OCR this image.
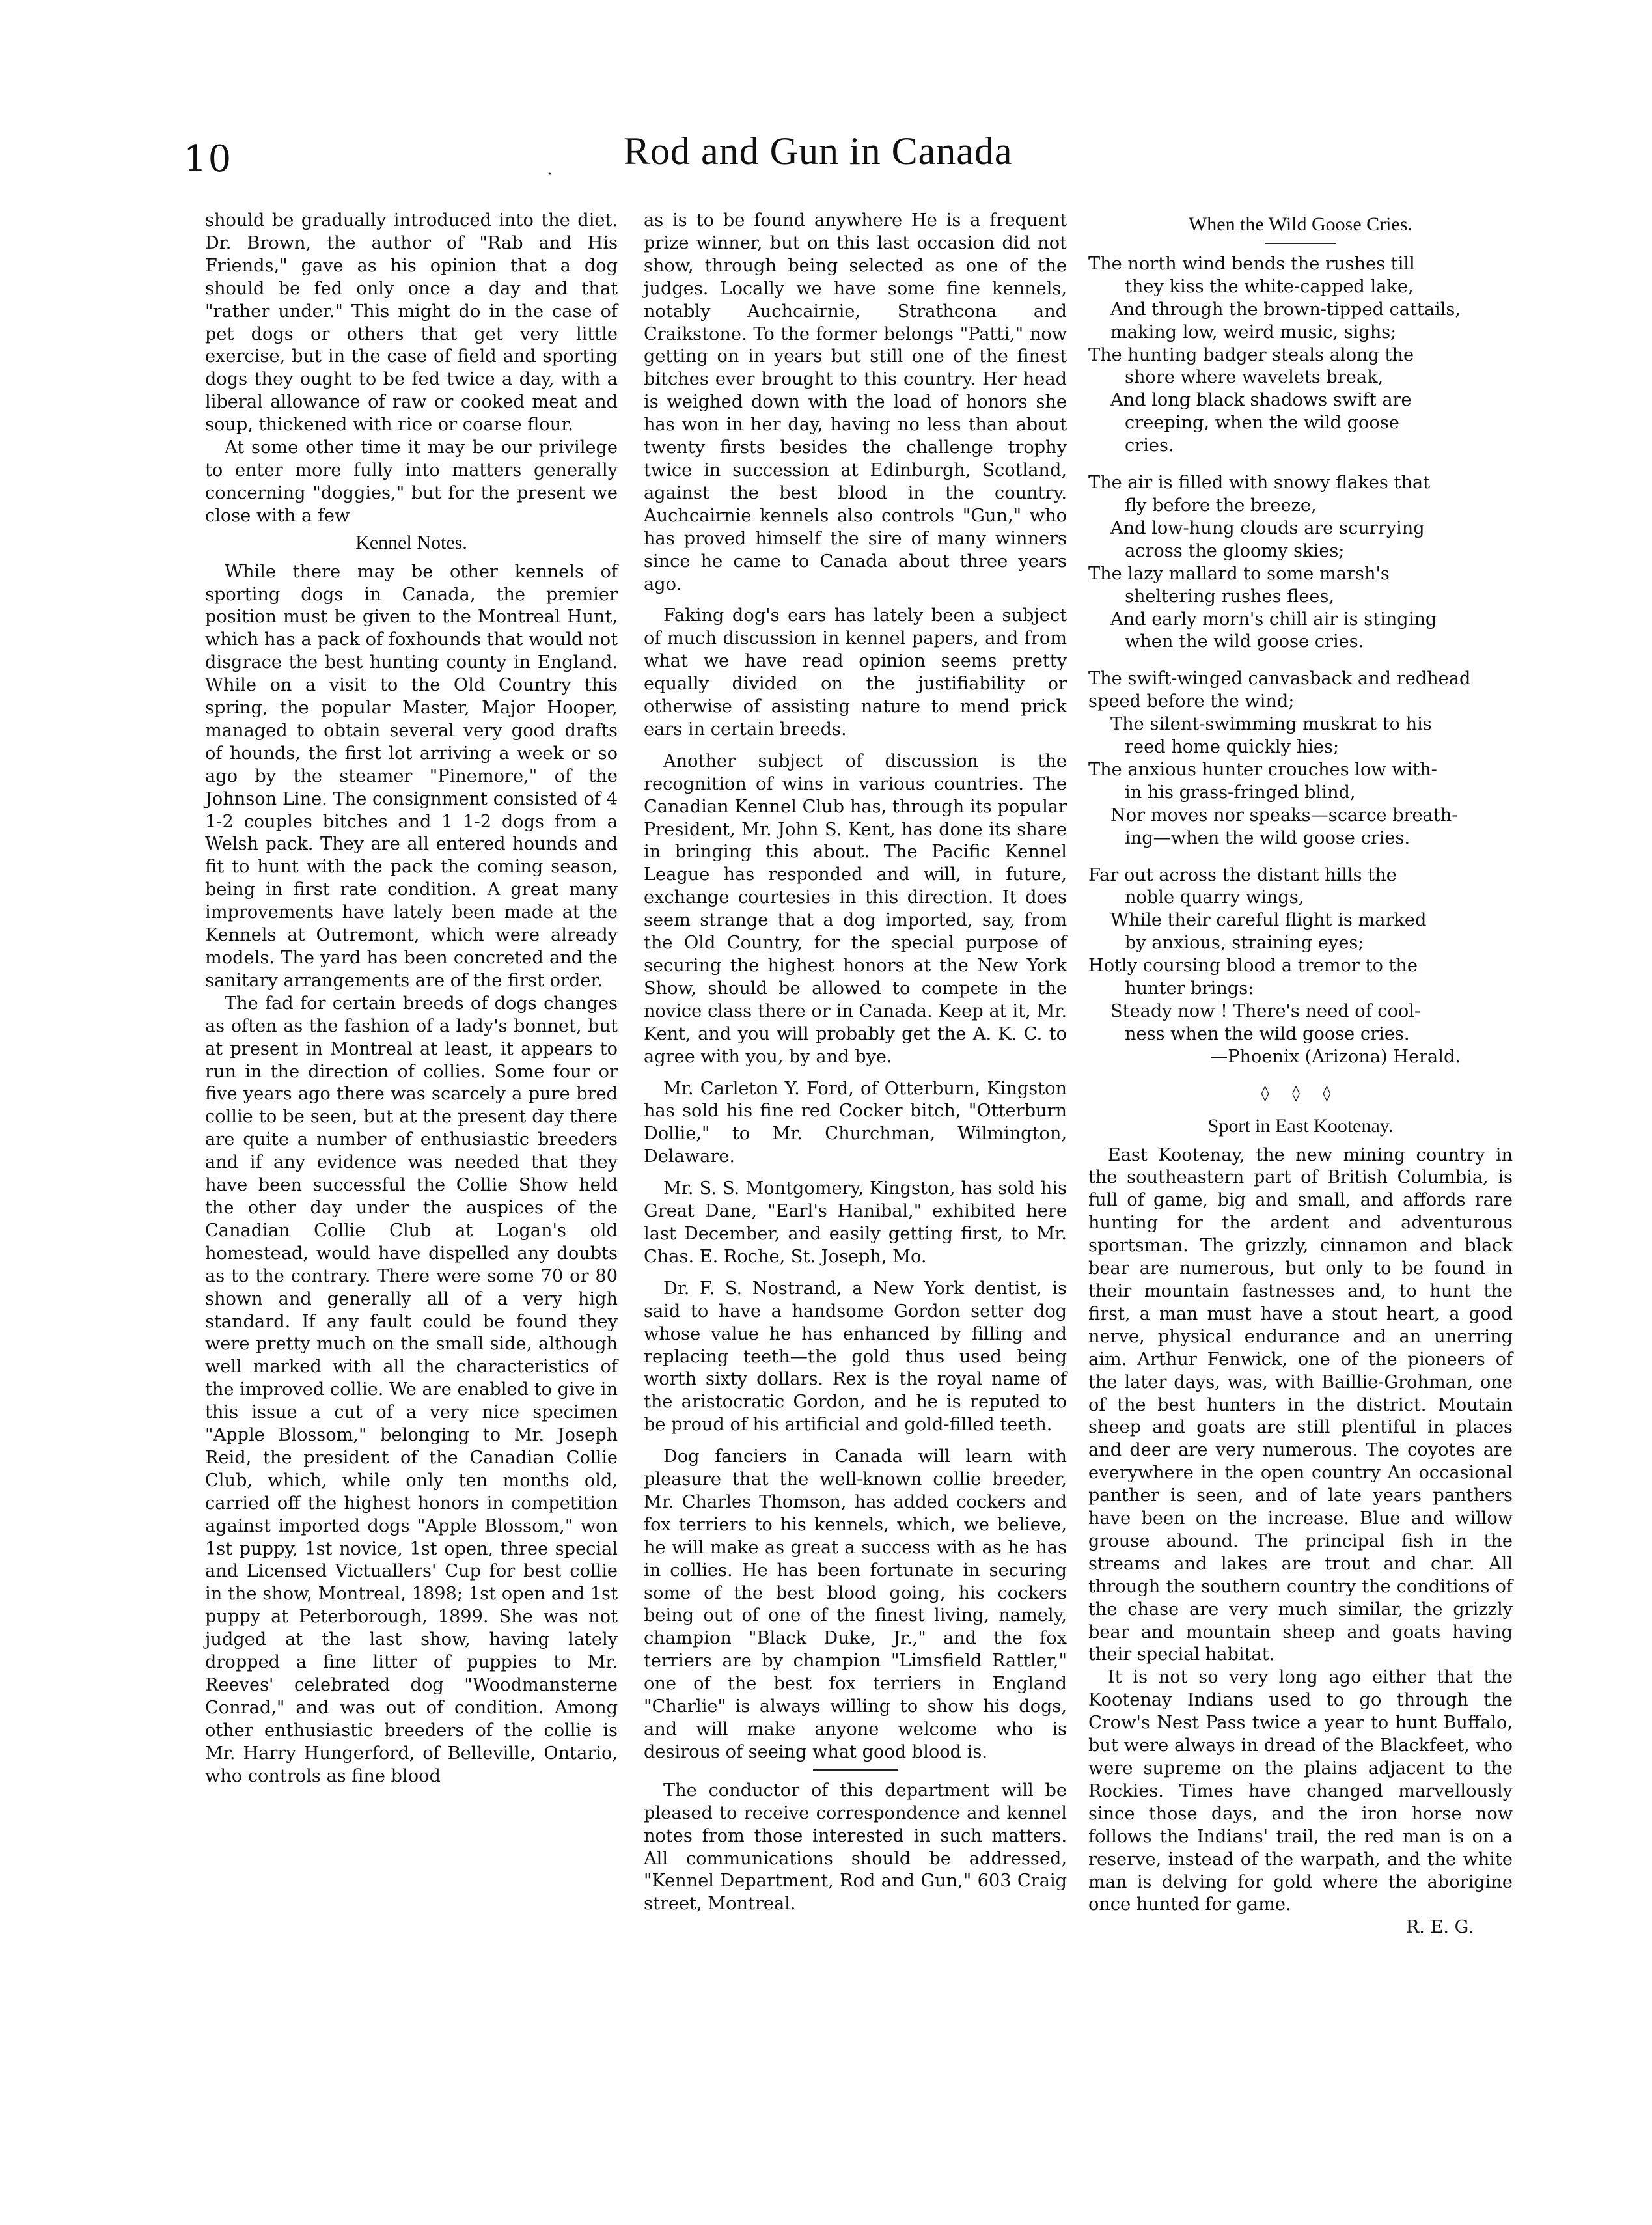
10	·
Rod and Gun in Canada

should be gradually introduced into the diet. Dr. Brown, the author of "Rab and His Friends," gave as his opinion that a dog should be fed only once a day and that "rather under." This might do in the case of pet dogs or others that get very little exercise, but in the case of field and sporting dogs they ought to be fed twice a day, with a liberal allowance of raw or cooked meat and soup, thickened with rice or coarse flour.

At some other time it may be our privilege to enter more fully into matters generally concerning "doggies," but for the present we close with a few

Kennel Notes.

While there may be other kennels of sporting dogs in Canada, the premier position must be given to the Montreal Hunt, which has a pack of foxhounds that would not disgrace the best hunting county in England. While on a visit to the Old Country this spring, the popular Master, Major Hooper, managed to obtain several very good drafts of hounds, the first lot arriving a week or so ago by the steamer "Pinemore," of the Johnson Line. The consignment consisted of 4 1-2 couples bitches and 1 1-2 dogs from a Welsh pack. They are all entered hounds and fit to hunt with the pack the coming season, being in first rate condition. A great many improvements have lately been made at the Kennels at Outremont, which were already models. The yard has been concreted and the sanitary arrangements are of the first order.

The fad for certain breeds of dogs changes as often as the fashion of a lady's bonnet, but at present in Montreal at least, it appears to run in the direction of collies. Some four or five years ago there was scarcely a pure bred collie to be seen, but at the present day there are quite a number of enthusiastic breeders and if any evidence was needed that they have been successful the Collie Show held the other day under the auspices of the Canadian Collie Club at Logan's old homestead, would have dispelled any doubts as to the contrary. There were some 70 or 80 shown and generally all of a very high standard. If any fault could be found they were pretty much on the small side, although well marked with all the characteristics of the improved collie. We are enabled to give in this issue a cut of a very nice specimen "Apple Blossom," belonging to Mr. Joseph Reid, the president of the Canadian Collie Club, which, while only ten months old, carried off the highest honors in competition against imported dogs "Apple Blossom," won 1st puppy, 1st novice, 1st open, three special and Licensed Victuallers' Cup for best collie in the show, Montreal, 1898; 1st open and 1st puppy at Peterborough, 1899. She was not judged at the last show, having lately dropped a fine litter of puppies to Mr. Reeves' celebrated dog "Woodmansterne Conrad," and was out of condition. Among other enthusiastic breeders of the collie is Mr. Harry Hungerford, of Belleville, Ontario, who controls as fine blood

as is to be found anywhere He is a frequent prize winner, but on this last occasion did not show, through being selected as one of the judges. Locally we have some fine kennels, notably Auchcairnie, Strathcona and Craikstone. To the former belongs "Patti," now getting on in years but still one of the finest bitches ever brought to this country. Her head is weighed down with the load of honors she has won in her day, having no less than about twenty firsts besides the challenge trophy twice in succession at Edinburgh, Scotland, against the best blood in the country. Auchcairnie kennels also controls "Gun," who has proved himself the sire of many winners since he came to Canada about three years ago.

Faking dog's ears has lately been a subject of much discussion in kennel papers, and from what we have read opinion seems pretty equally divided on the justifiability or otherwise of assisting nature to mend prick ears in certain breeds.

Another subject of discussion is the recognition of wins in various countries. The Canadian Kennel Club has, through its popular President, Mr. John S. Kent, has done its share in bringing this about. The Pacific Kennel League has responded and will, in future, exchange courtesies in this direction. It does seem strange that a dog imported, say, from the Old Country, for the special purpose of securing the highest honors at the New York Show, should be allowed to compete in the novice class there or in Canada. Keep at it, Mr. Kent, and you will probably get the A. K. C. to agree with you, by and bye.

Mr. Carleton Y. Ford, of Otterburn, Kingston has sold his fine red Cocker bitch, "Otterburn Dollie," to Mr. Churchman, Wilmington, Delaware.

Mr. S. S. Montgomery, Kingston, has sold his Great Dane, "Earl's Hanibal," exhibited here last December, and easily getting first, to Mr. Chas. E. Roche, St. Joseph, Mo.

Dr. F. S. Nostrand, a New York dentist, is said to have a handsome Gordon setter dog whose value he has enhanced by filling and replacing teeth—the gold thus used being worth sixty dollars. Rex is the royal name of the aristocratic Gordon, and he is reputed to be proud of his artificial and gold-filled teeth.

Dog fanciers in Canada will learn with pleasure that the well-known collie breeder, Mr. Charles Thomson, has added cockers and fox terriers to his kennels, which, we believe, he will make as great a success with as he has in collies. He has been fortunate in securing some of the best blood going, his cockers being out of one of the finest living, namely, champion "Black Duke, Jr.," and the fox terriers are by champion "Limsfield Rattler," one of the best fox terriers in England "Charlie" is always willing to show his dogs, and will make anyone welcome who is desirous of seeing what good blood is.

The conductor of this department will be pleased to receive correspondence and kennel notes from those interested in such matters. All communications should be addressed, "Kennel Department, Rod and Gun," 603 Craig street, Montreal.

When the Wild Goose Cries.

The north wind bends the rushes till

they kiss the white-capped lake,

And through the brown-tipped cattails, making low, weird music, sighs;

The hunting badger steals along the

shore where wavelets break,

And long black shadows swift are

creeping, when the wild goose

cries.

The air is filled with snowy flakes that

fly before the breeze,

And low-hung clouds are scurrying

across the gloomy skies;

The lazy mallard to some marsh's

sheltering rushes flees,

And early morn's chill air is stinging

when the wild goose cries.

The swift-winged canvasback and redhead speed before the wind;

The silent-swimming muskrat to his

reed home quickly hies;

The anxious hunter crouches low with-

in his grass-fringed blind,

Nor moves nor speaks—scarce breath-

ing—when the wild goose cries.

Far out across the distant hills the

noble quarry wings,

While their careful flight is marked

by anxious, straining eyes;

Hotly coursing blood a tremor to the

hunter brings:

Steady now ! There's need of cool-

ness when the wild goose cries.

—Phoenix (Arizona) Herald.

◊ ◊ ◊
Sport in East Kootenay.

East Kootenay, the new mining country in the southeastern part of British Columbia, is full of game, big and small, and affords rare hunting for the ardent and adventurous sportsman. The grizzly, cinnamon and black bear are numerous, but only to be found in their mountain fastnesses and, to hunt the first, a man must have a stout heart, a good nerve, physical endurance and an unerring aim. Arthur Fenwick, one of the pioneers of the later days, was, with Baillie-Grohman, one of the best hunters in the district. Moutain sheep and goats are still plentiful in places and deer are very numerous. The coyotes are everywhere in the open country An occasional panther is seen, and of late years panthers have been on the increase. Blue and willow grouse abound. The principal fish in the streams and lakes are trout and char. All through the southern country the conditions of the chase are very much similar, the grizzly bear and mountain sheep and goats having their special habitat.

It is not so very long ago either that the Kootenay Indians used to go through the Crow's Nest Pass twice a year to hunt Buffalo, but were always in dread of the Blackfeet, who were supreme on the plains adjacent to the Rockies. Times have changed marvellously since those days, and the iron horse now follows the Indians' trail, the red man is on a reserve, instead of the warpath, and the white man is delving for gold where the aborigine once hunted for game.

R. E. G.
